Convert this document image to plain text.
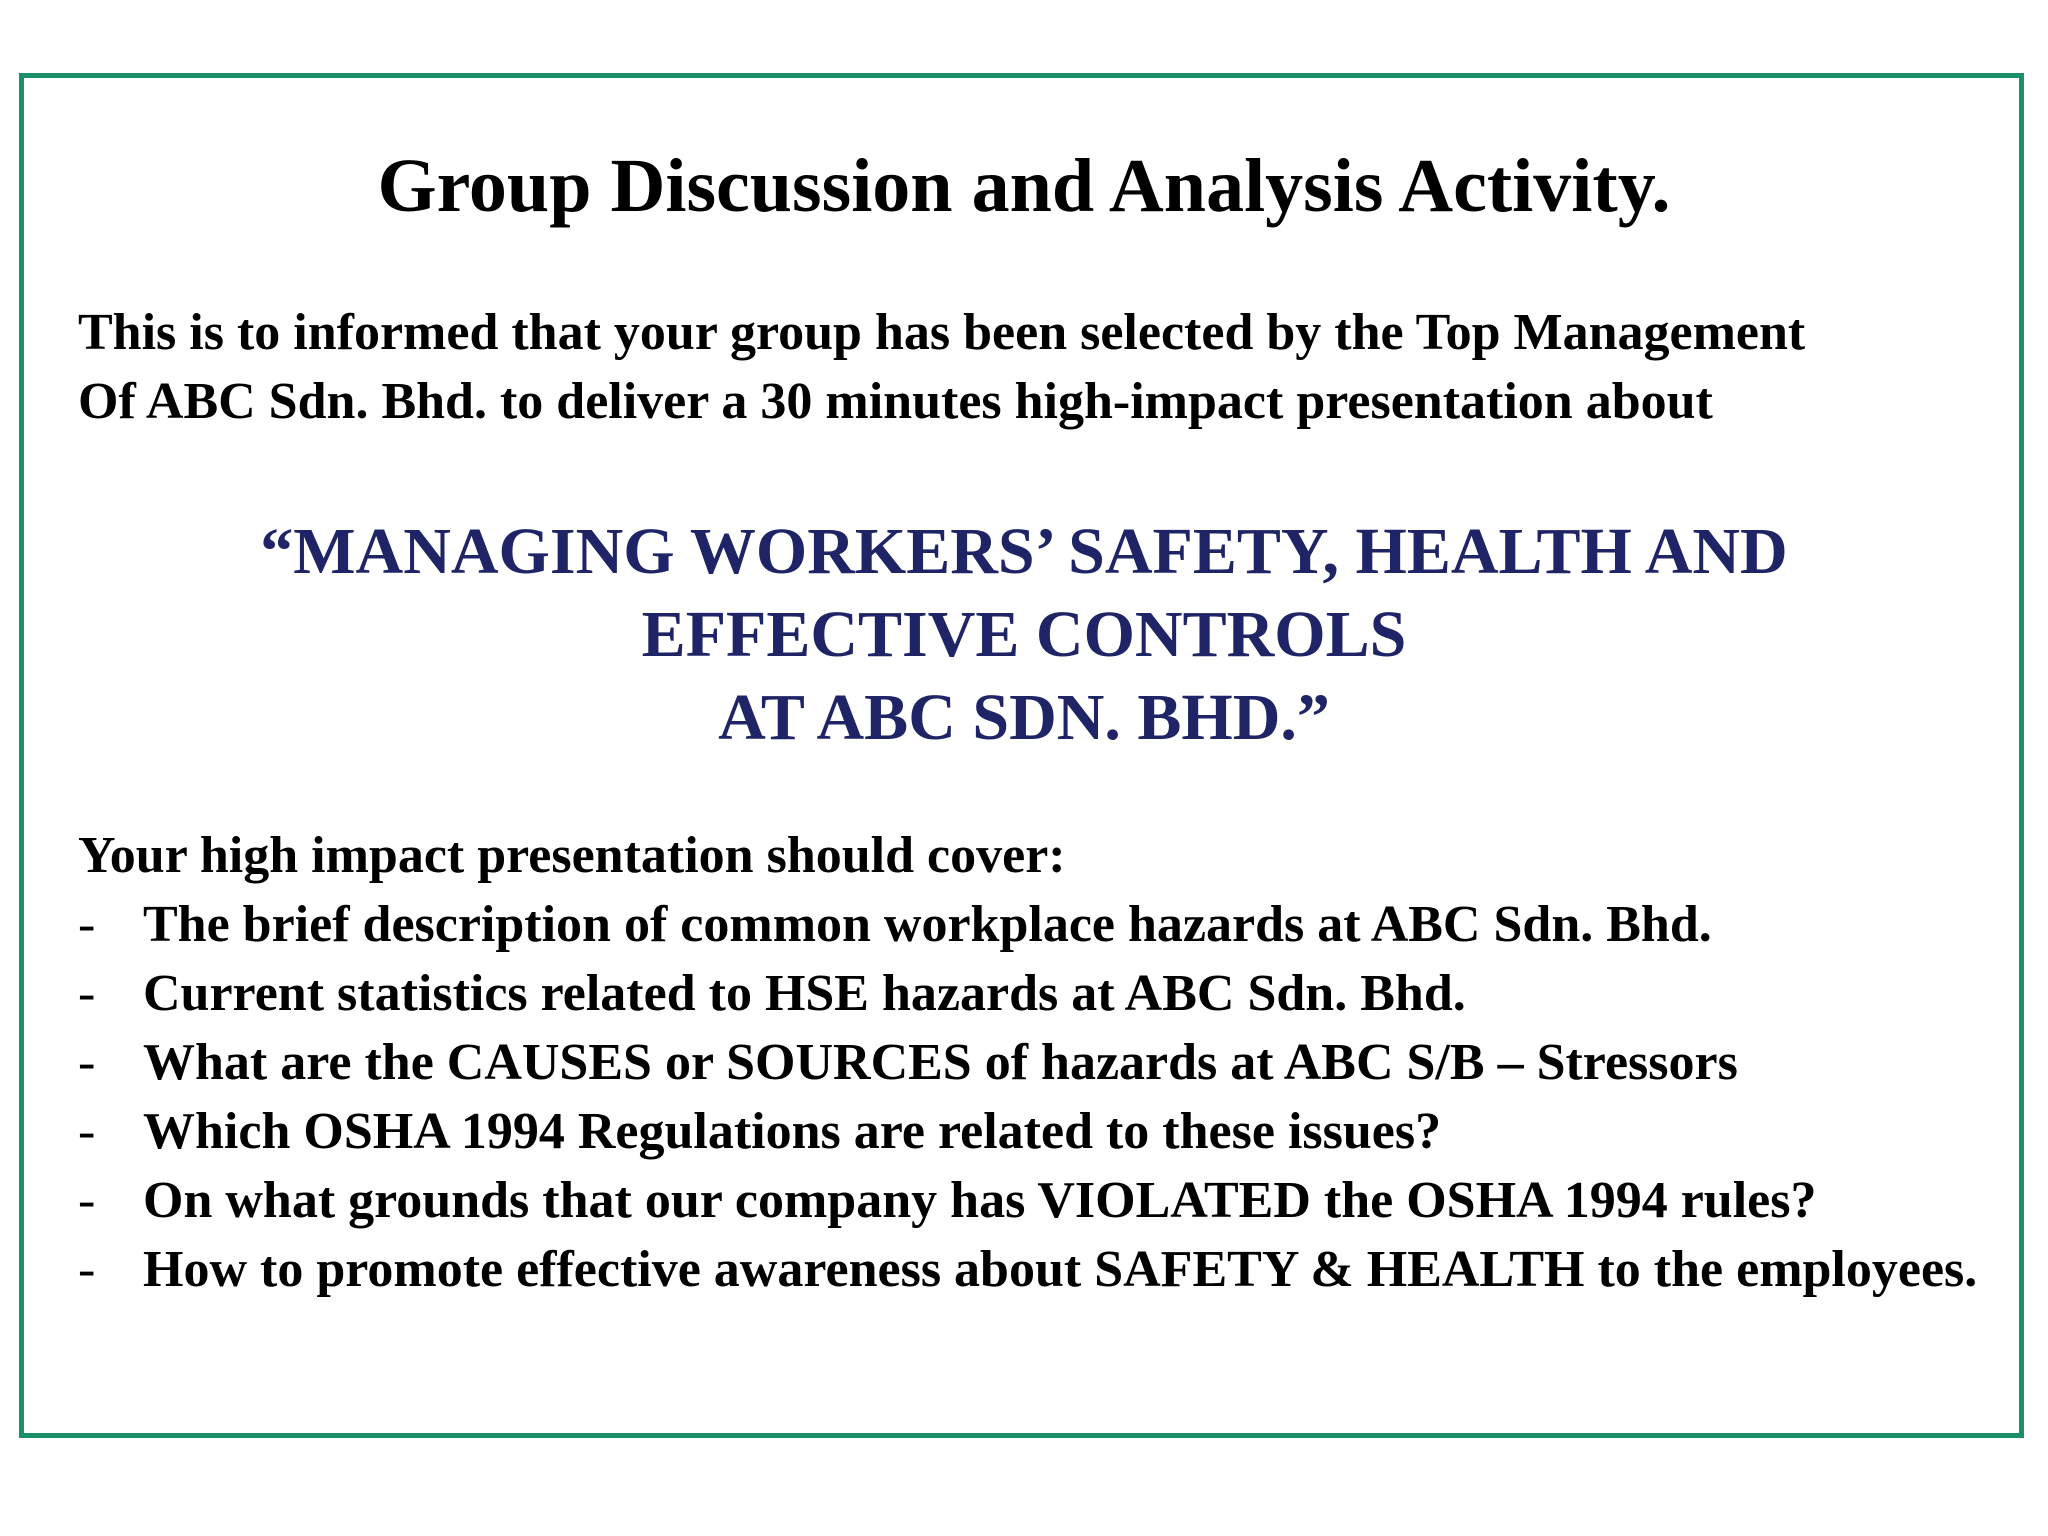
Group Discussion and Analysis Activity.
This is to informed that your group has been selected by the Top Management
Of ABC Sdn. Bhd. to deliver a 30 minutes high-impact presentation about
“MANAGING WORKERS’ SAFETY, HEALTH AND
EFFECTIVE CONTROLS
AT ABC SDN. BHD.”
Your high impact presentation should cover:
- The brief description of common workplace hazards at ABC Sdn. Bhd.
- Current statistics related to HSE hazards at ABC Sdn. Bhd.
- What are the CAUSES or SOURCES of hazards at ABC S/B – Stressors
- Which OSHA 1994 Regulations are related to these issues?
- On what grounds that our company has VIOLATED the OSHA 1994 rules?
- How to promote effective awareness about SAFETY & HEALTH to the employees.
